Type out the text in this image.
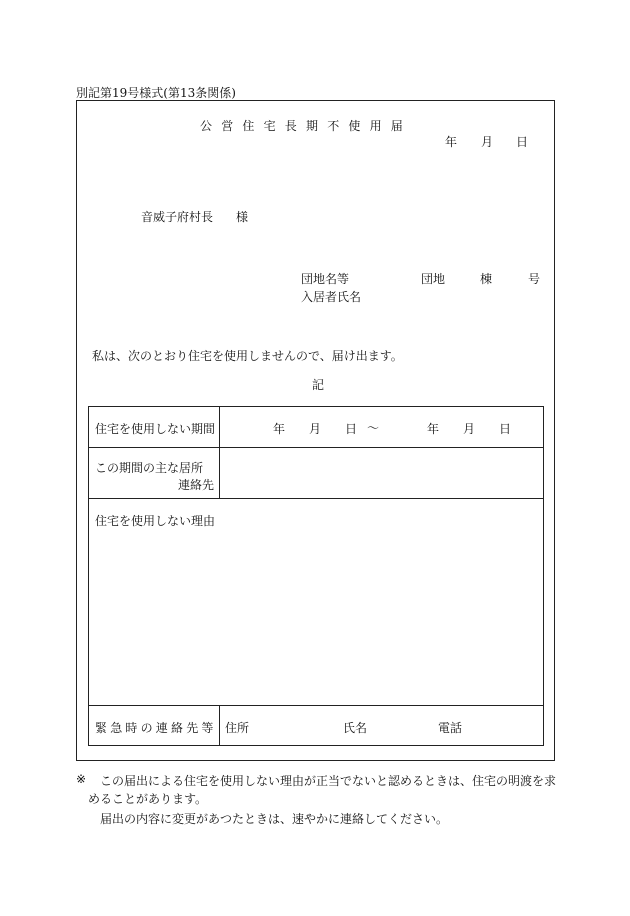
別記第19号様式(第13条関係)
公営住宅長期不使用届
年 月 日
音威子府村長 様
団地名等	団地	棟	号
入居者氏名
私は、次のとおり住宅を使用しませんので、届け出ます。
記
住宅を使用しない期間	年 月 日 〜	年 月 日
この期間の主な居所
連絡先
住宅を使用しない理由
緊急時の連絡先等 住所	氏名	電話
※ この届出による住宅を使用しない理由が正当でないと認めるときは、住宅の明渡を求
めることがあります。
届出の内容に変更があつたときは、速やかに連絡してください。
